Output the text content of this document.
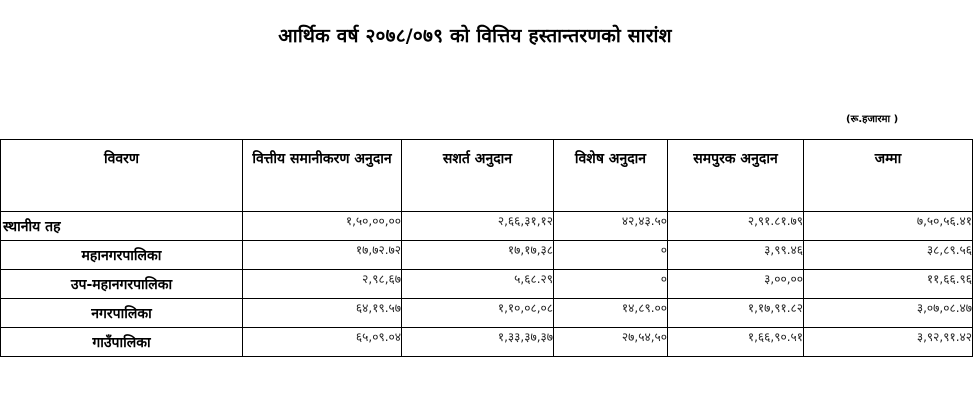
आर्थिक वर्ष २०७८/०७९ को वित्तिय हस्तान्तरणको सारांश
(रू.हजारमा )
विवरण	वित्तीय समानीकरण अनुदान	सशर्त अनुदान	विशेष अनुदान	समपुरक अनुदान	जम्मा
स्थानीय तह	१,५०,००,००	२,६६,३१,१२	४२,४३.५०	२,९१.८१.७९	७,५०,५६.४१
महानगरपालिका	१७,७२.७२	१७,१७,३८	०	३,९९.४६	३८,८९.५६
उप-महानगरपालिका	२,९८,६७	५,६८.२९	०	३,००,००	११,६६.९६
नगरपालिका	६४,१९.५७	१,१०,०८,०८	१४,८९.००	१,१७,९१.८२	३,०७,०८.४७
गाउँपालिका	६५,०९.०४	१,३३,३७,३७	२७,५४,५०	१,६६,९०.५१	३,९२,९१.४२
